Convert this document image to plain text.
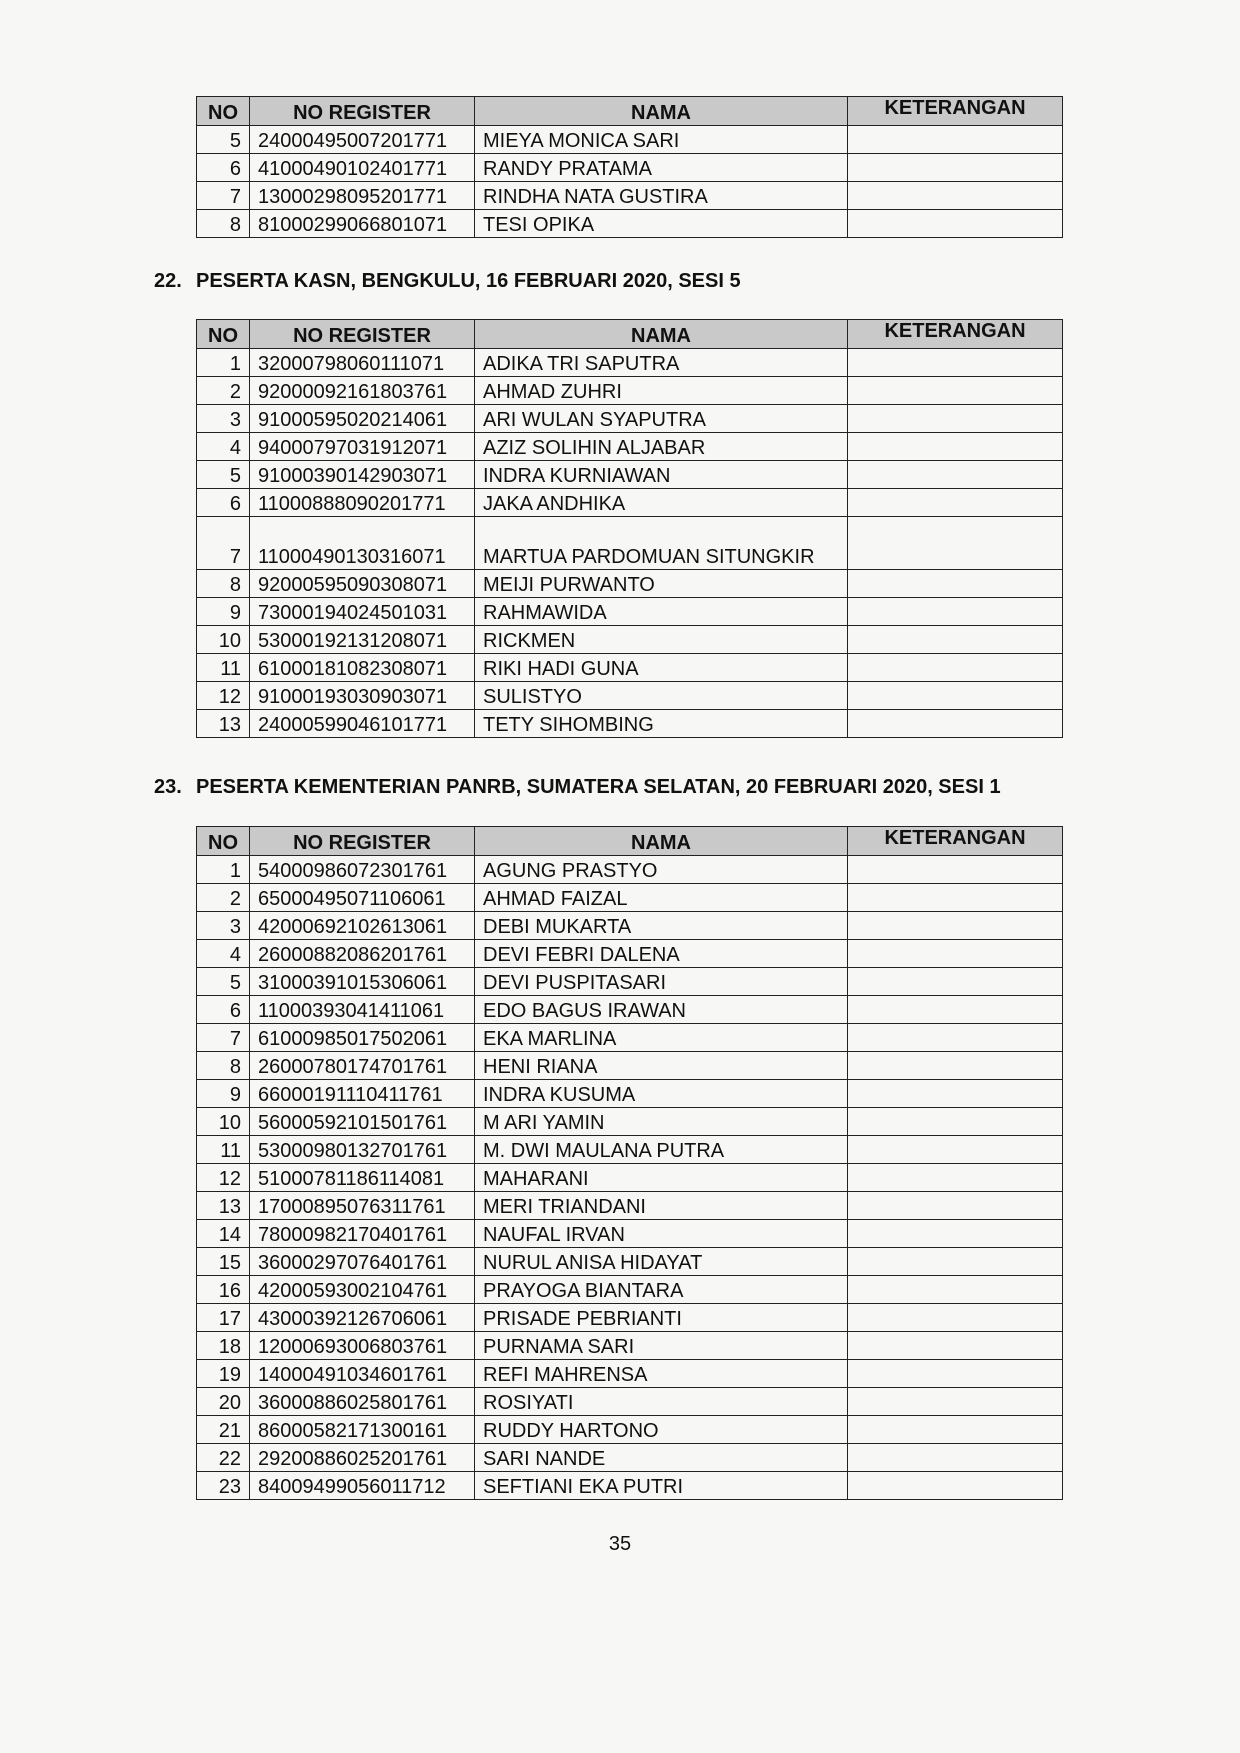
NO	NO REGISTER	NAMA	KETERANGAN
5	24000495007201771	MIEYA MONICA SARI	
6	41000490102401771	RANDY PRATAMA	
7	13000298095201771	RINDHA NATA GUSTIRA	
8	81000299066801071	TESI OPIKA	
22. PESERTA KASN, BENGKULU, 16 FEBRUARI 2020, SESI 5
NO	NO REGISTER	NAMA	KETERANGAN
1	32000798060111071	ADIKA TRI SAPUTRA	
2	92000092161803761	AHMAD ZUHRI	
3	91000595020214061	ARI WULAN SYAPUTRA	
4	94000797031912071	AZIZ SOLIHIN ALJABAR	
5	91000390142903071	INDRA KURNIAWAN	
6	11000888090201771	JAKA ANDHIKA	
7	11000490130316071	MARTUA PARDOMUAN SITUNGKIR	
8	92000595090308071	MEIJI PURWANTO	
9	73000194024501031	RAHMAWIDA	
10	53000192131208071	RICKMEN	
11	61000181082308071	RIKI HADI GUNA	
12	91000193030903071	SULISTYO	
13	24000599046101771	TETY SIHOMBING	
23. PESERTA KEMENTERIAN PANRB, SUMATERA SELATAN, 20 FEBRUARI 2020, SESI 1
NO	NO REGISTER	NAMA	KETERANGAN
1	54000986072301761	AGUNG PRASTYO	
2	65000495071106061	AHMAD FAIZAL	
3	42000692102613061	DEBI MUKARTA	
4	26000882086201761	DEVI FEBRI DALENA	
5	31000391015306061	DEVI PUSPITASARI	
6	11000393041411061	EDO BAGUS IRAWAN	
7	61000985017502061	EKA MARLINA	
8	26000780174701761	HENI RIANA	
9	66000191110411761	INDRA KUSUMA	
10	56000592101501761	M ARI YAMIN	
11	53000980132701761	M. DWI MAULANA PUTRA	
12	51000781186114081	MAHARANI	
13	17000895076311761	MERI TRIANDANI	
14	78000982170401761	NAUFAL IRVAN	
15	36000297076401761	NURUL ANISA HIDAYAT	
16	42000593002104761	PRAYOGA BIANTARA	
17	43000392126706061	PRISADE PEBRIANTI	
18	12000693006803761	PURNAMA SARI	
19	14000491034601761	REFI MAHRENSA	
20	36000886025801761	ROSIYATI	
21	86000582171300161	RUDDY HARTONO	
22	29200886025201761	SARI NANDE	
23	84009499056011712	SEFTIANI EKA PUTRI	
35
